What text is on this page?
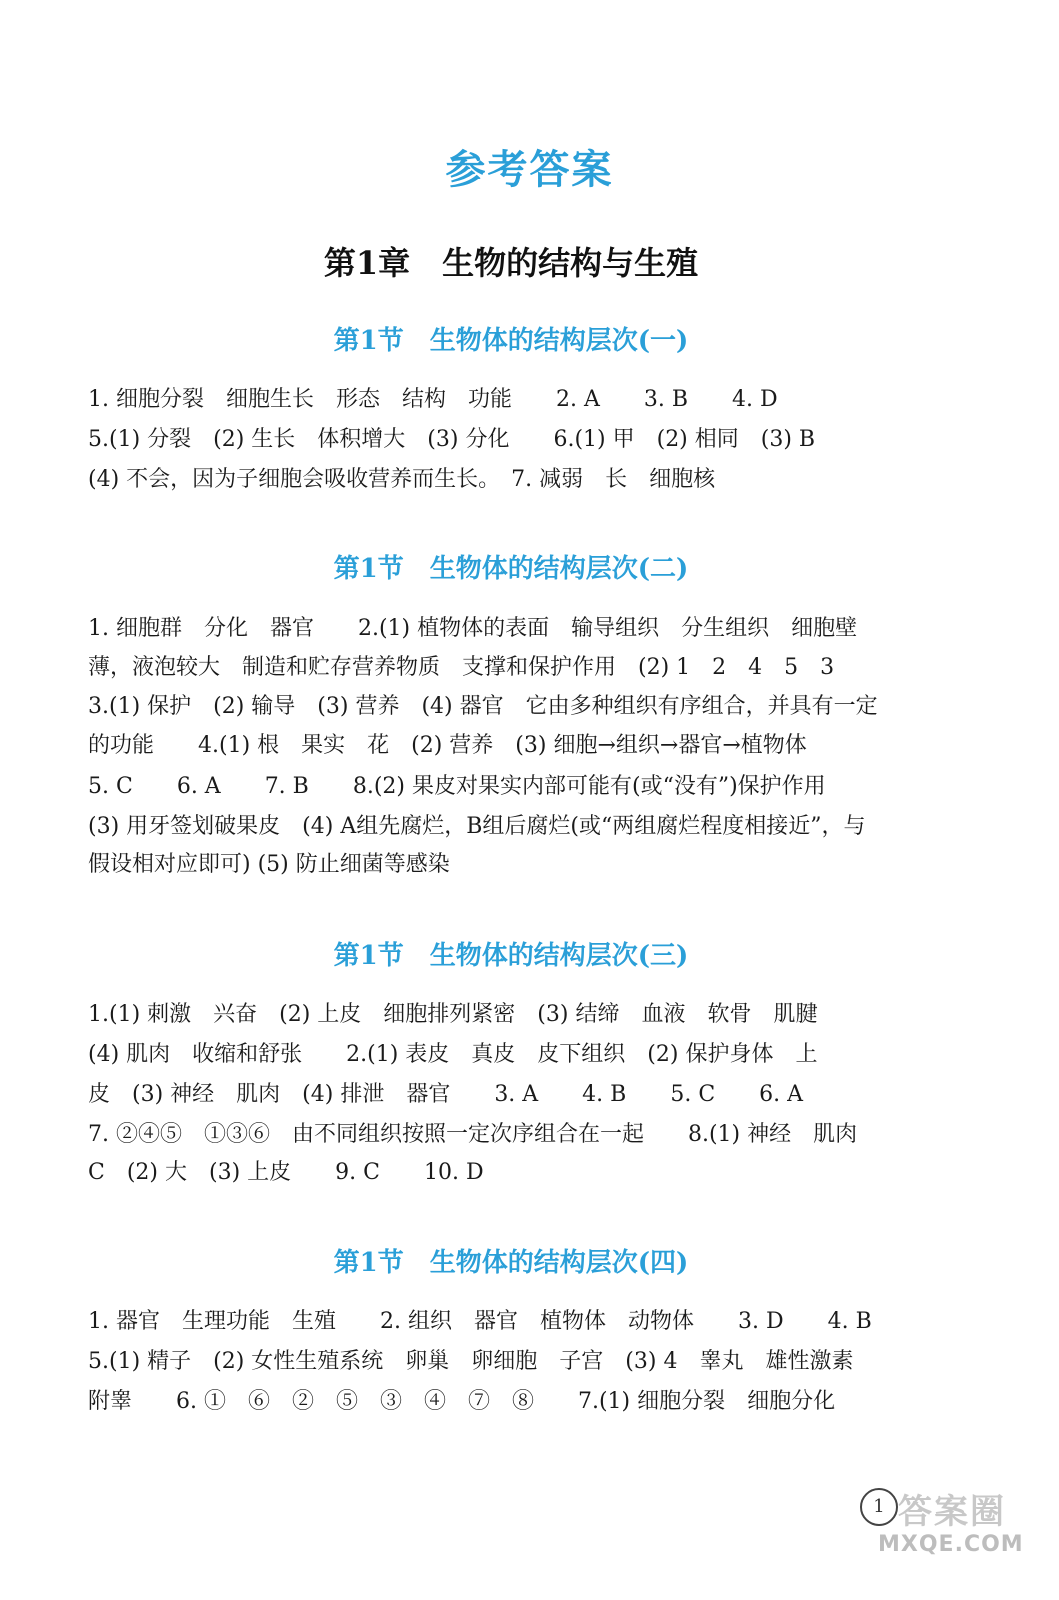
参考答案
第1章　生物的结构与生殖
第1节　生物体的结构层次(一)
1. 细胞分裂　细胞生长　形态　结构　功能　　2. A　　3. B　　4. D
5.(1) 分裂　(2) 生长　体积增大　(3) 分化　　6.(1) 甲　(2) 相同　(3) B
(4) 不会，因为子细胞会吸收营养而生长。　7. 减弱　长　细胞核
第1节　生物体的结构层次(二)
1. 细胞群　分化　器官　　2.(1) 植物体的表面　输导组织　分生组织　细胞壁
薄，液泡较大　制造和贮存营养物质　支撑和保护作用　(2) 1　2　4　5　3
3.(1) 保护　(2) 输导　(3) 营养　(4) 器官　它由多种组织有序组合，并具有一定
的功能　　4.(1) 根　果实　花　(2) 营养　(3) 细胞→组织→器官→植物体
5. C　　6. A　　7. B　　8.(2) 果皮对果实内部可能有(或“没有”)保护作用
(3) 用牙签划破果皮　(4) A组先腐烂，B组后腐烂(或“两组腐烂程度相接近”，与
假设相对应即可) (5) 防止细菌等感染
第1节　生物体的结构层次(三)
1.(1) 刺激　兴奋　(2) 上皮　细胞排列紧密　(3) 结缔　血液　软骨　肌腱
(4) 肌肉　收缩和舒张　　2.(1) 表皮　真皮　皮下组织　(2) 保护身体　上
皮　(3) 神经　肌肉　(4) 排泄　器官　　3. A　　4. B　　5. C　　6. A
7. ②④⑤　①③⑥　由不同组织按照一定次序组合在一起　　8.(1) 神经　肌肉
C　(2) 大　(3) 上皮　　9. C　　10. D
第1节　生物体的结构层次(四)
1. 器官　生理功能　生殖　　2. 组织　器官　植物体　动物体　　3. D　　4. B
5.(1) 精子　(2) 女性生殖系统　卵巢　卵细胞　子宫　(3) 4　睾丸　雄性激素
附睾　　6. ①　⑥　②　⑤　③　④　⑦　⑧　　7.(1) 细胞分裂　细胞分化
答案圈
MXQE.COM
1
